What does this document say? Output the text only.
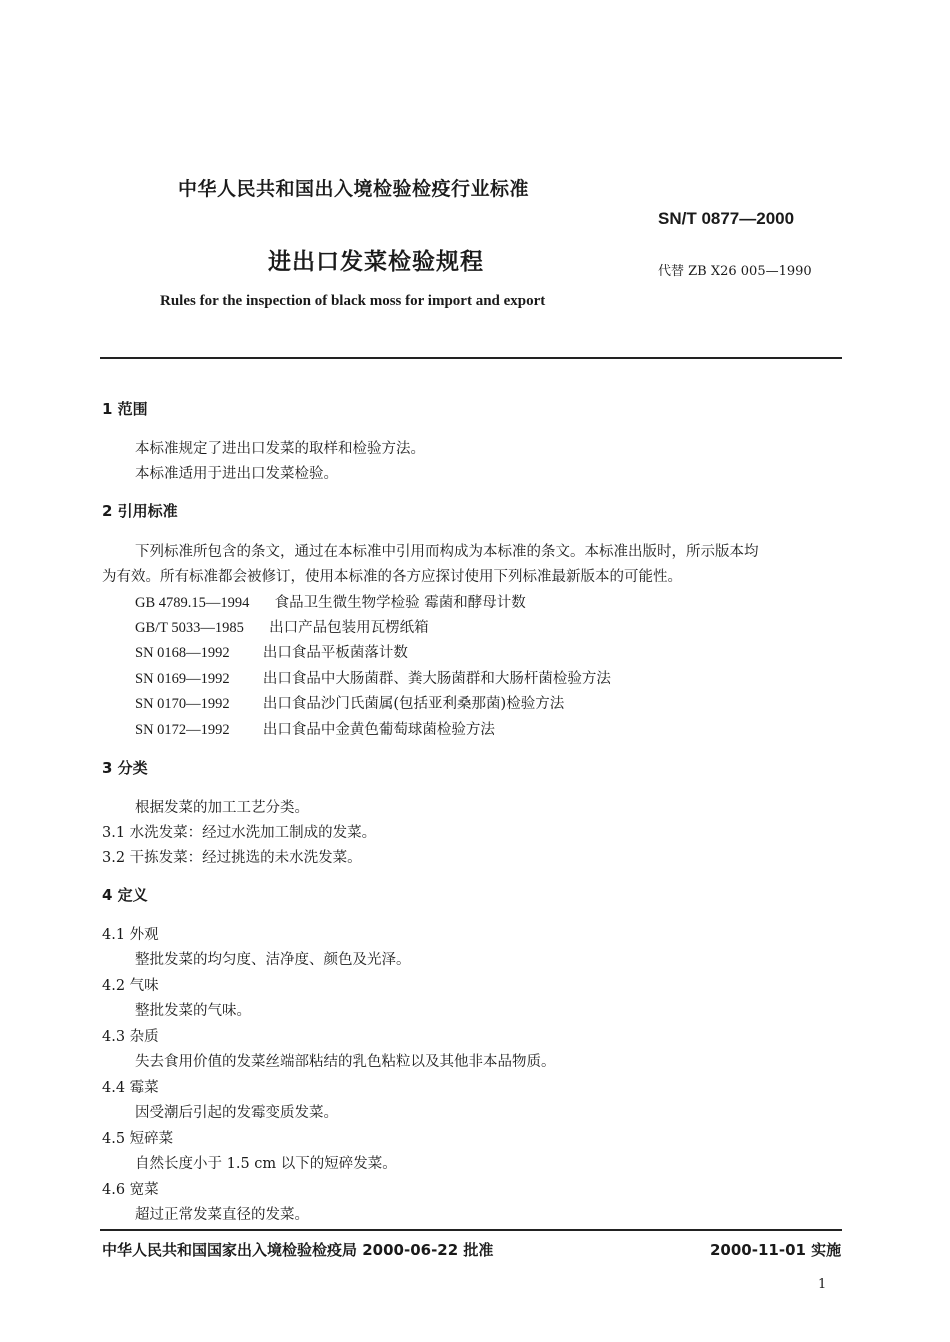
中华人民共和国出入境检验检疫行业标准
SN/T 0877—2000
进出口发菜检验规程	代替 ZB X26 005—1990
Rules for the inspection of black moss for import and export
1 范围
本标准规定了进出口发菜的取样和检验方法。
本标准适用于进出口发菜检验。
2 引用标准
下列标准所包含的条文，通过在本标准中引用而构成为本标准的条文。本标准出版时，所示版本均
为有效。所有标准都会被修订，使用本标准的各方应探讨使用下列标准最新版本的可能性。
GB 4789.15—1994 食品卫生微生物学检验 霉菌和酵母计数
GB/T 5033—1985 出口产品包装用瓦楞纸箱
SN 0168—1992 出口食品平板菌落计数
SN 0169—1992 出口食品中大肠菌群、粪大肠菌群和大肠杆菌检验方法
SN 0170—1992 出口食品沙门氏菌属(包括亚利桑那菌)检验方法
SN 0172—1992 出口食品中金黄色葡萄球菌检验方法
3 分类
根据发菜的加工工艺分类。
3.1 水洗发菜：经过水洗加工制成的发菜。
3.2 干拣发菜：经过挑选的未水洗发菜。
4 定义
4.1 外观
整批发菜的均匀度、洁净度、颜色及光泽。
4.2 气味
整批发菜的气味。
4.3 杂质
失去食用价值的发菜丝端部粘结的乳色粘粒以及其他非本品物质。
4.4 霉菜
因受潮后引起的发霉变质发菜。
4.5 短碎菜
自然长度小于 1.5 cm 以下的短碎发菜。
4.6 宽菜
超过正常发菜直径的发菜。
中华人民共和国国家出入境检验检疫局 2000-06-22 批准	2000-11-01 实施
1
